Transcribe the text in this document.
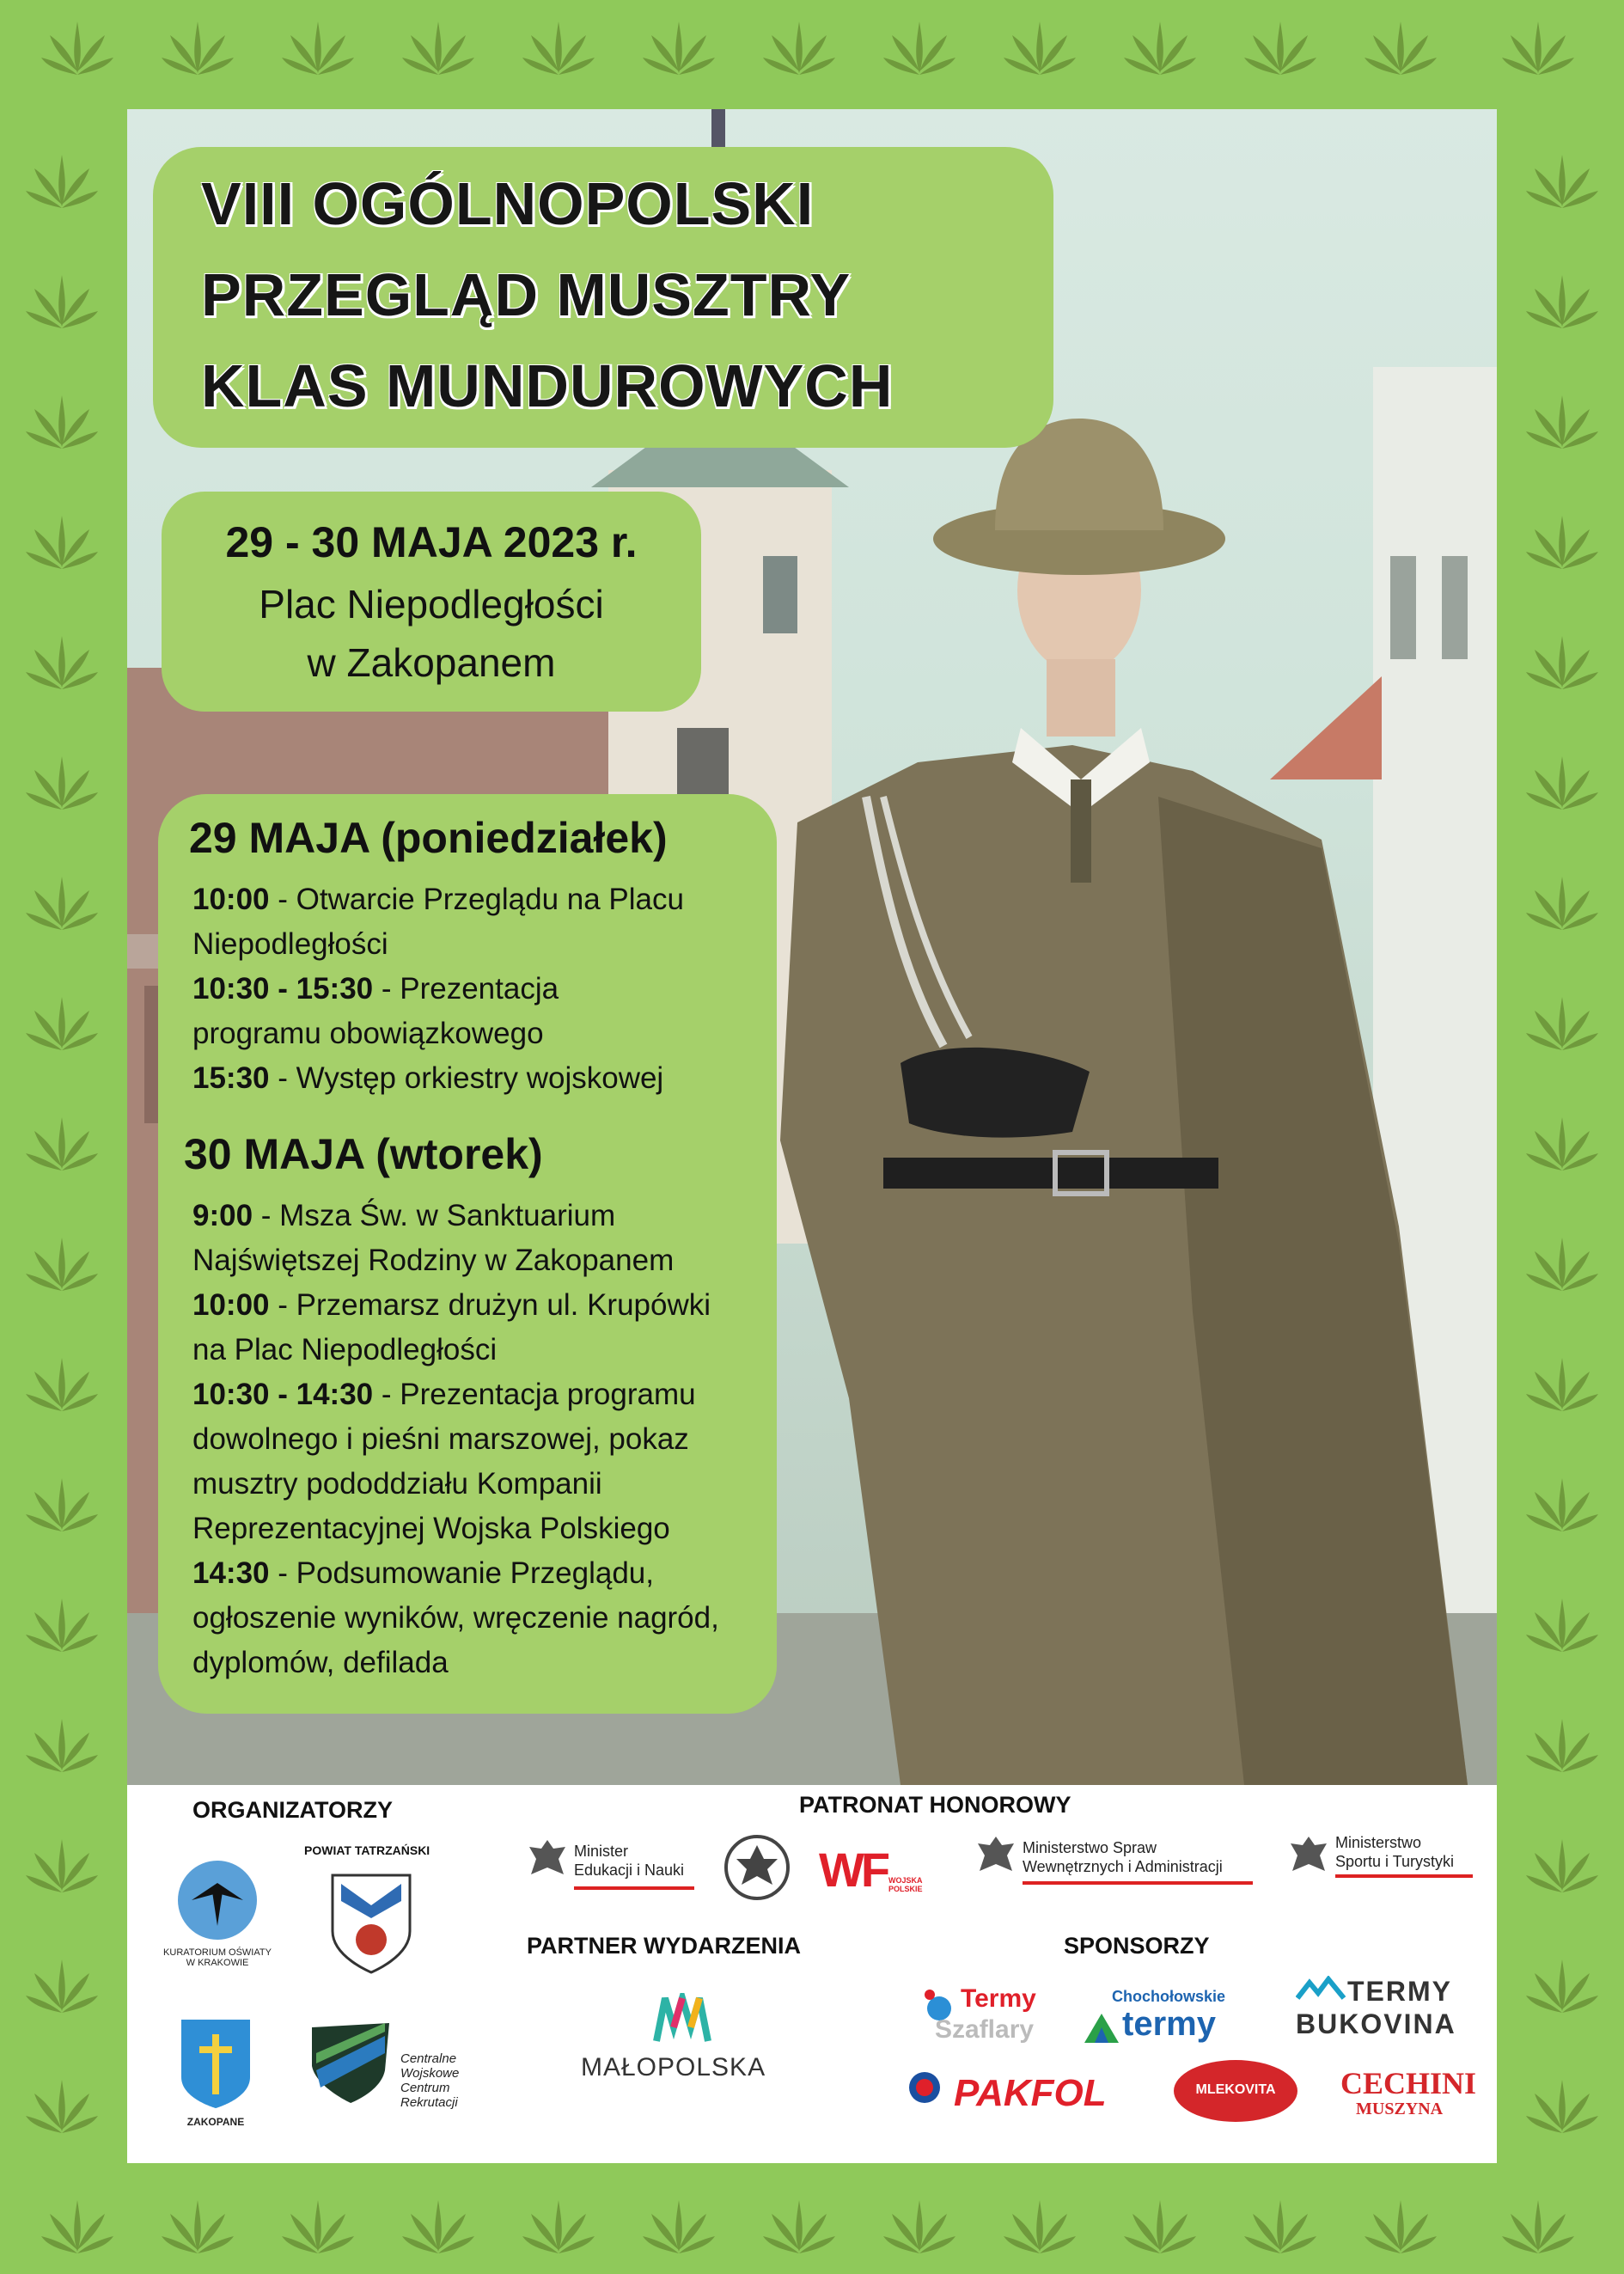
VIII OGÓLNOPOLSKI
PRZEGLĄD MUSZTRY
KLAS MUNDUROWYCH
29 - 30 MAJA 2023 r.
Plac Niepodległości
w Zakopanem
29 MAJA (poniedziałek)
10:00 - Otwarcie Przeglądu na Placu
Niepodległości
10:30 - 15:30 - Prezentacja
programu obowiązkowego
15:30 - Występ orkiestry wojskowej
30 MAJA (wtorek)
9:00 - Msza Św. w Sanktuarium
Najświętszej Rodziny w Zakopanem
10:00 - Przemarsz drużyn ul. Krupówki
na Plac Niepodległości
10:30 - 14:30 - Prezentacja programu
dowolnego i pieśni marszowej, pokaz
musztry pododdziału Kompanii
Reprezentacyjnej Wojska Polskiego
14:30 - Podsumowanie Przeglądu,
ogłoszenie wyników, wręczenie nagród,
dyplomów, defilada
ORGANIZATORZY	PATRONAT HONOROWY
PARTNER WYDARZENIA	SPONSORZY
KURATORIUM OŚWIATY
W KRAKOWIE
POWIAT TATRZAŃSKI
ZAKOPANE
Centralne
Wojskowe
Centrum
Rekrutacji
Minister
Edukacji i Nauki	WF WOJSKA POLSKIE
Ministerstwo Spraw
Wewnętrznych i Administracji
Ministerstwo
Sportu i Turystyki
MAŁOPOLSKA
Termy
Szaflary
Chochołowskie
termy
TERMY
BUKOVINA
PAKFOL	MLEKOVITA	CECHINI
MUSZYNA
